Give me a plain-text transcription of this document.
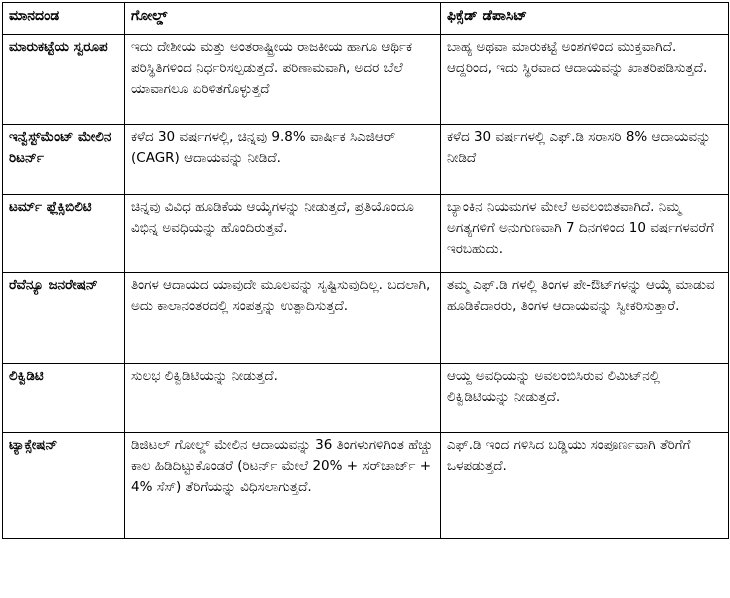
ಮಾನದಂಡ	ಗೋಲ್ಡ್	ಫಿಕ್ಸೆಡ್ ಡೆಪಾಸಿಟ್
ಮಾರುಕಟ್ಟೆಯ ಸ್ವರೂಪ	ಇದು ದೇಶೀಯ ಮತ್ತು ಅಂತರಾಷ್ಟ್ರೀಯ ರಾಜಕೀಯ ಹಾಗೂ ಆರ್ಥಿಕ ಪರಿಸ್ಥಿತಿಗಳಿಂದ ನಿರ್ಧರಿಸಲ್ಪಡುತ್ತದೆ. ಪರಿಣಾಮವಾಗಿ, ಅದರ ಬೆಲೆ ಯಾವಾಗಲೂ ಏರಿಳಿತಗೊಳ್ಳುತ್ತದೆ	ಬಾಹ್ಯ ಅಥವಾ ಮಾರುಕಟ್ಟೆ ಅಂಶಗಳಿಂದ ಮುಕ್ತವಾಗಿದೆ. ಆದ್ದರಿಂದ, ಇದು ಸ್ಥಿರವಾದ ಆದಾಯವನ್ನು ಖಾತರಿಪಡಿಸುತ್ತದೆ.
ಇನ್ವೆಸ್ಟ್‌ಮೆಂಟ್ ಮೇಲಿನ ರಿಟರ್ನ್	ಕಳೆದ 30 ವರ್ಷಗಳಲ್ಲಿ, ಚಿನ್ನವು 9.8% ವಾರ್ಷಿಕ ಸಿಎಜಿಆರ್ (CAGR) ಆದಾಯವನ್ನು ನೀಡಿದೆ.	ಕಳೆದ 30 ವರ್ಷಗಳಲ್ಲಿ ಎಫ್.ಡಿ ಸರಾಸರಿ 8% ಆದಾಯವನ್ನು ನೀಡಿದೆ
ಟರ್ಮ್ ಫ್ಲೆಕ್ಸಿಬಿಲಿಟಿ	ಚಿನ್ನವು ವಿವಿಧ ಹೂಡಿಕೆಯ ಆಯ್ಕೆಗಳನ್ನು ನೀಡುತ್ತದೆ, ಪ್ರತಿಯೊಂದೂ ವಿಭಿನ್ನ ಅವಧಿಯನ್ನು ಹೊಂದಿರುತ್ತವೆ.	ಬ್ಯಾಂಕಿನ ನಿಯಮಗಳ ಮೇಲೆ ಅವಲಂಬಿತವಾಗಿದೆ. ನಿಮ್ಮ ಅಗತ್ಯಗಳಿಗೆ ಅನುಗುಣವಾಗಿ 7 ದಿನಗಳಿಂದ 10 ವರ್ಷಗಳವರೆಗೆ ಇರಬಹುದು.
ರೆವೆನ್ಯೂ ಜನರೇಷನ್	ತಿಂಗಳ ಆದಾಯದ ಯಾವುದೇ ಮೂಲವನ್ನು ಸೃಷ್ಟಿಸುವುದಿಲ್ಲ. ಬದಲಾಗಿ, ಅದು ಕಾಲಾನಂತರದಲ್ಲಿ ಸಂಪತ್ತನ್ನು ಉತ್ಪಾದಿಸುತ್ತದೆ.	ತಮ್ಮ ಎಫ್.ಡಿ ಗಳಲ್ಲಿ ತಿಂಗಳ ಪೇ-ಔಟ್‌ಗಳನ್ನು ಆಯ್ಕೆ ಮಾಡುವ ಹೂಡಿಕೆದಾರರು, ತಿಂಗಳ ಆದಾಯವನ್ನು ಸ್ವೀಕರಿಸುತ್ತಾರೆ.
ಲಿಕ್ವಿಡಿಟಿ	ಸುಲಭ ಲಿಕ್ವಿಡಿಟಿಯನ್ನು ನೀಡುತ್ತದೆ.	ಆಯ್ದ ಅವಧಿಯನ್ನು ಅವಲಂಬಿಸಿರುವ ಲಿಮಿಟ್‌ನಲ್ಲಿ ಲಿಕ್ವಿಡಿಟಿಯನ್ನು ನೀಡುತ್ತದೆ.
ಟ್ಯಾಕ್ಸೇಷನ್	ಡಿಜಿಟಲ್ ಗೋಲ್ಡ್ ಮೇಲಿನ ಆದಾಯವನ್ನು 36 ತಿಂಗಳುಗಳಿಗಿಂತ ಹೆಚ್ಚು ಕಾಲ ಹಿಡಿದಿಟ್ಟುಕೊಂಡರೆ (ರಿಟರ್ನ್ ಮೇಲೆ 20% + ಸರ್‌ಚಾರ್ಜ್ + 4% ಸೆಸ್) ತೆರಿಗೆಯನ್ನು ವಿಧಿಸಲಾಗುತ್ತದೆ.	ಎಫ್.ಡಿ ಇಂದ ಗಳಿಸಿದ ಬಡ್ಡಿಯು ಸಂಪೂರ್ಣವಾಗಿ ತೆರಿಗೆಗೆ ಒಳಪಡುತ್ತದೆ.
